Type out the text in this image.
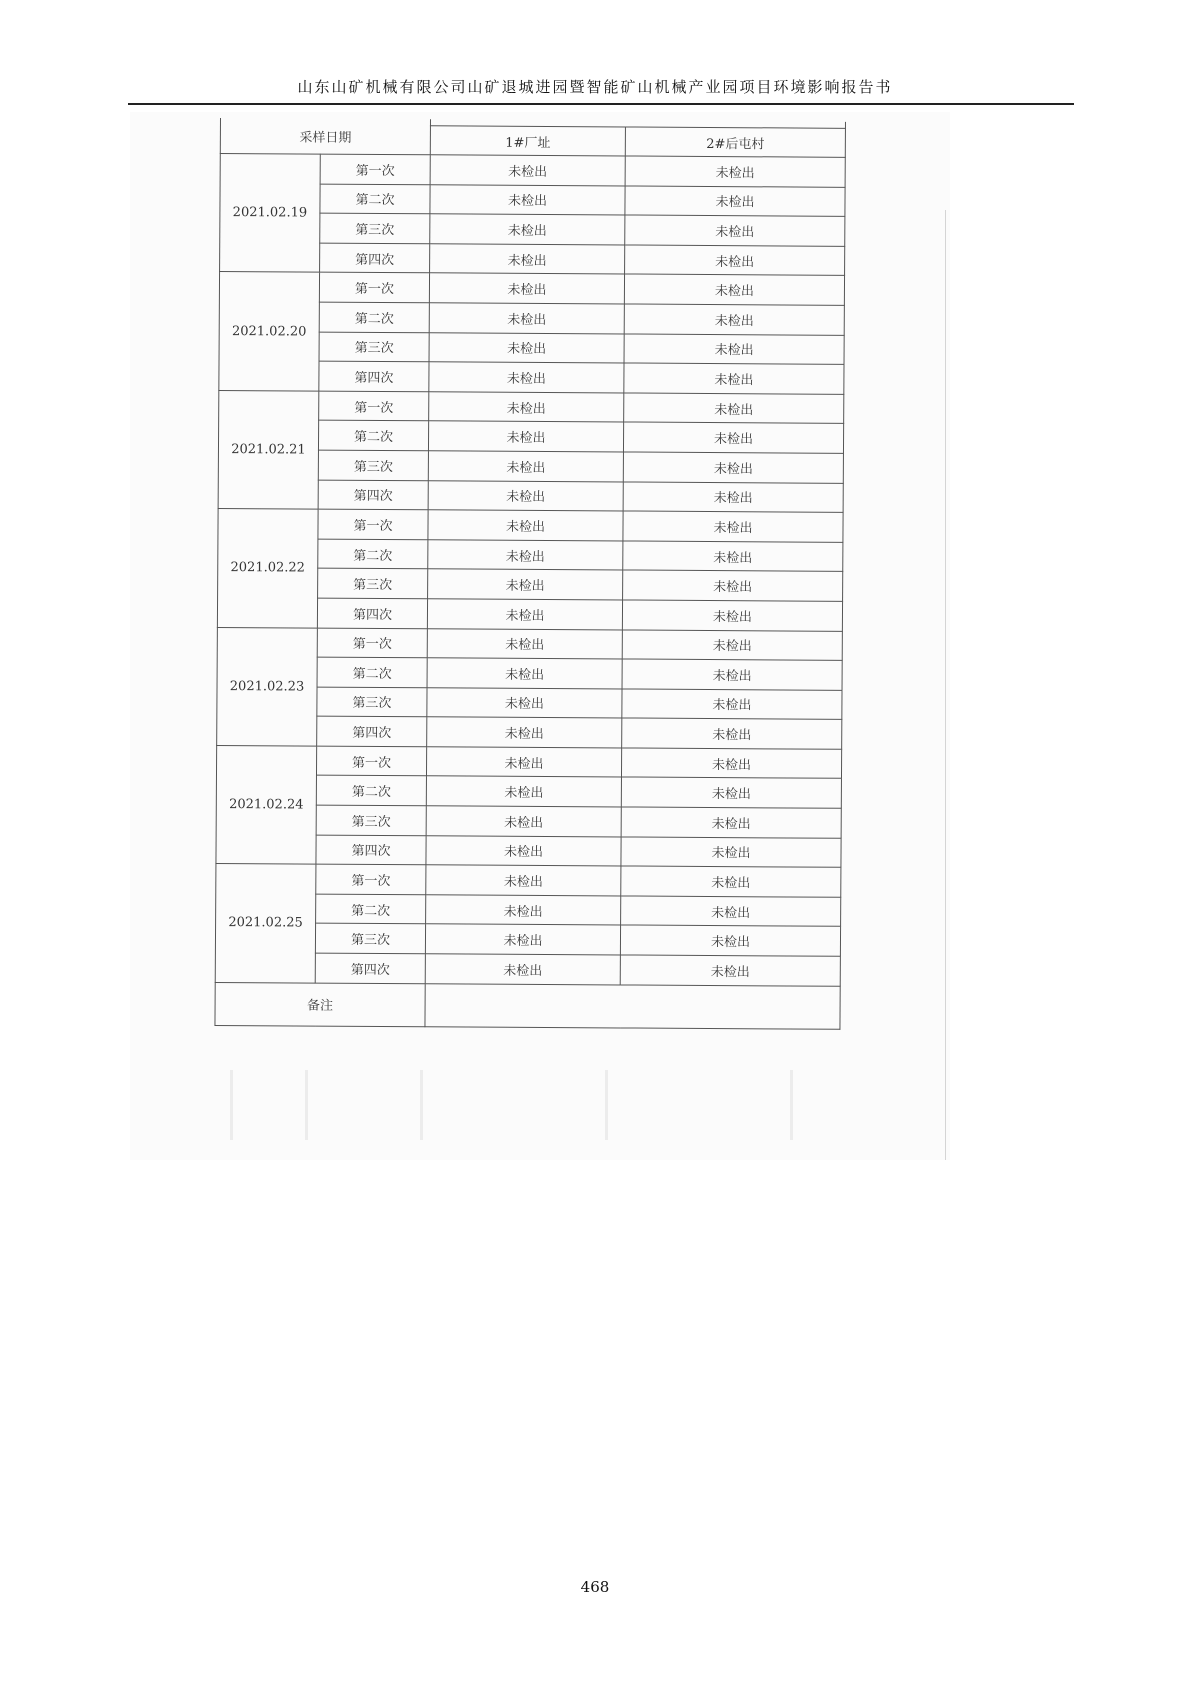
山东山矿机械有限公司山矿退城进园暨智能矿山机械产业园项目环境影响报告书
采样日期			
		1#厂址	2#后屯村
2021.02.19	第一次	未检出	未检出
	第二次	未检出	未检出
	第三次	未检出	未检出
	第四次	未检出	未检出
2021.02.20	第一次	未检出	未检出
	第二次	未检出	未检出
	第三次	未检出	未检出
	第四次	未检出	未检出
2021.02.21	第一次	未检出	未检出
	第二次	未检出	未检出
	第三次	未检出	未检出
	第四次	未检出	未检出
2021.02.22	第一次	未检出	未检出
	第二次	未检出	未检出
	第三次	未检出	未检出
	第四次	未检出	未检出
2021.02.23	第一次	未检出	未检出
	第二次	未检出	未检出
	第三次	未检出	未检出
	第四次	未检出	未检出
2021.02.24	第一次	未检出	未检出
	第二次	未检出	未检出
	第三次	未检出	未检出
	第四次	未检出	未检出
2021.02.25	第一次	未检出	未检出
	第二次	未检出	未检出
	第三次	未检出	未检出
	第四次	未检出	未检出
备注			
468
